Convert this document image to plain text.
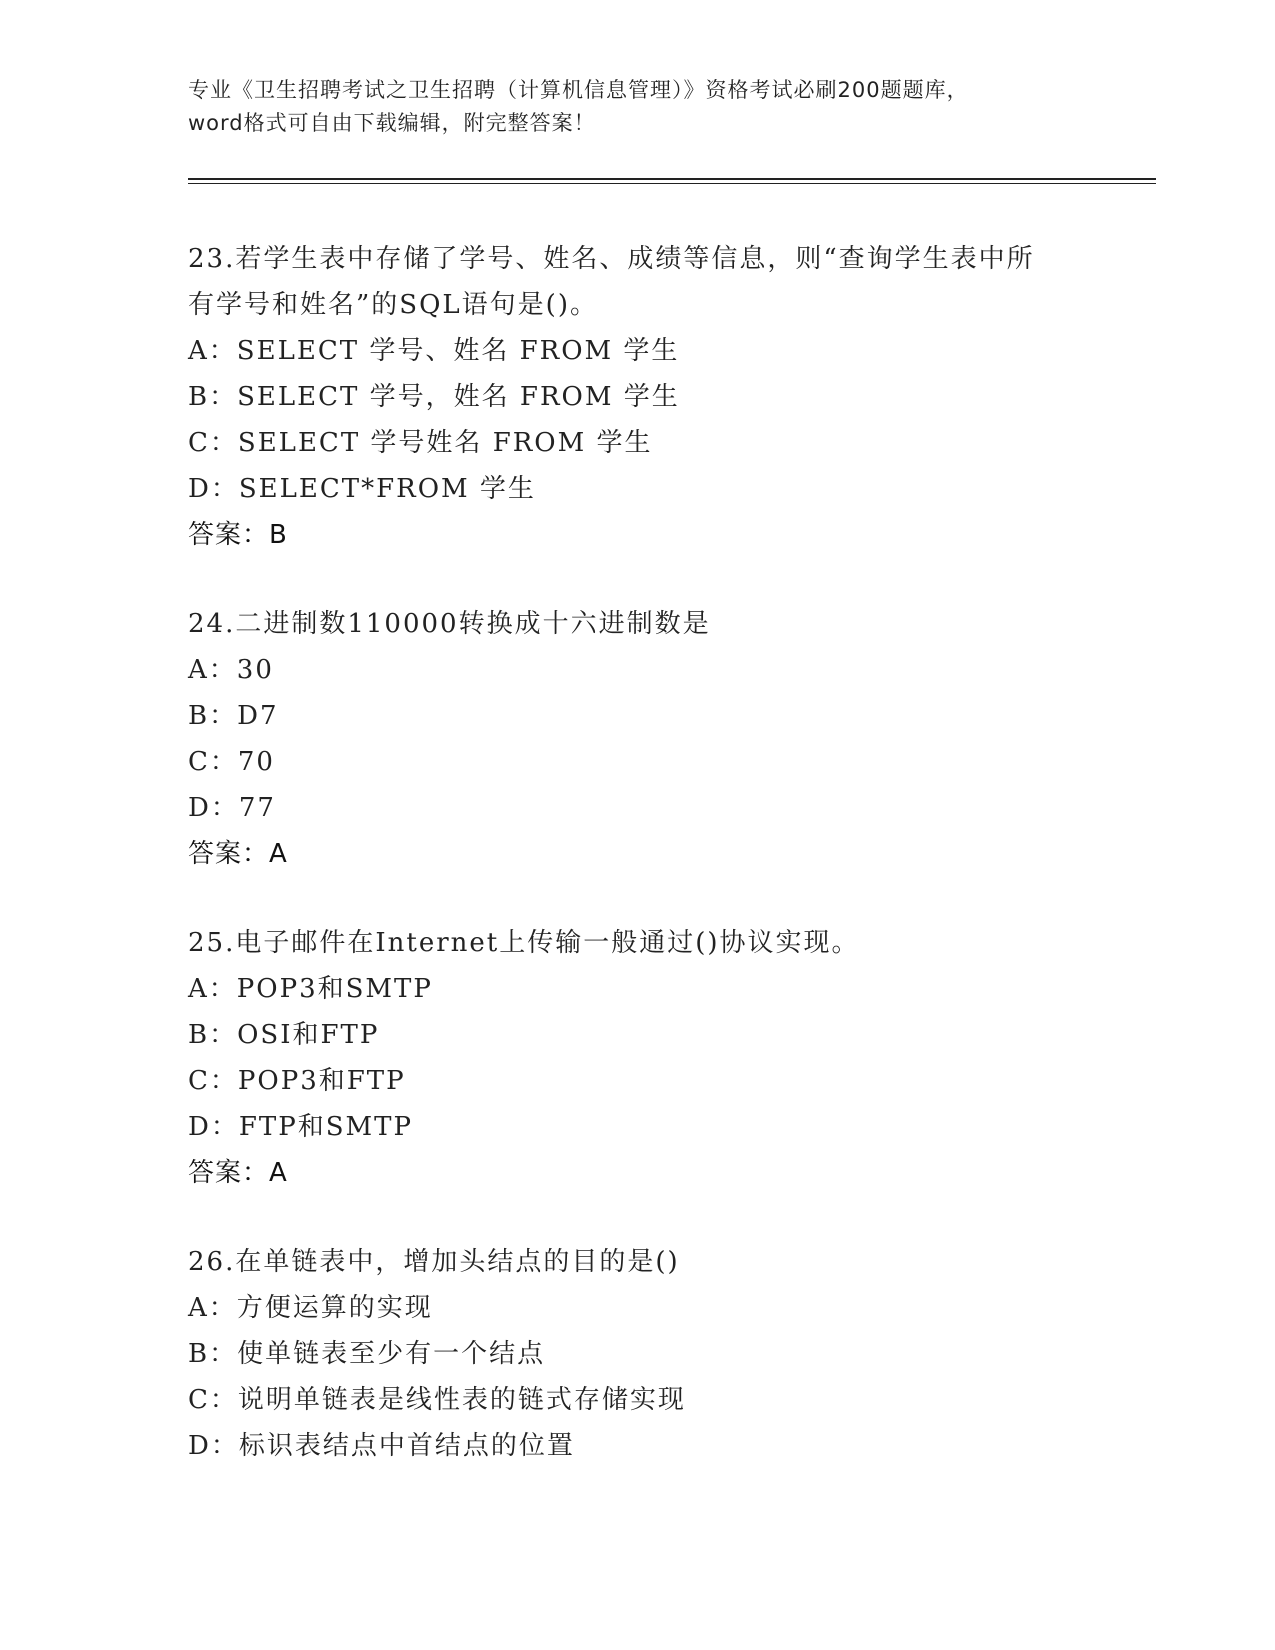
专业《卫生招聘考试之卫生招聘（计算机信息管理）》资格考试必刷200题题库，
word格式可自由下载编辑，附完整答案！
23.若学生表中存储了学号、姓名、成绩等信息，则“查询学生表中所
有学号和姓名”的SQL语句是()。
A：SELECT 学号、姓名 FROM 学生
B：SELECT 学号，姓名 FROM 学生
C：SELECT 学号姓名 FROM 学生
D：SELECT*FROM 学生
答案：B
24.二进制数110000转换成十六进制数是
A：30
B：D7
C：70
D：77
答案：A
25.电子邮件在Internet上传输一般通过()协议实现。
A：POP3和SMTP
B：OSI和FTP
C：POP3和FTP
D：FTP和SMTP
答案：A
26.在单链表中，增加头结点的目的是()
A：方便运算的实现
B：使单链表至少有一个结点
C：说明单链表是线性表的链式存储实现
D：标识表结点中首结点的位置
